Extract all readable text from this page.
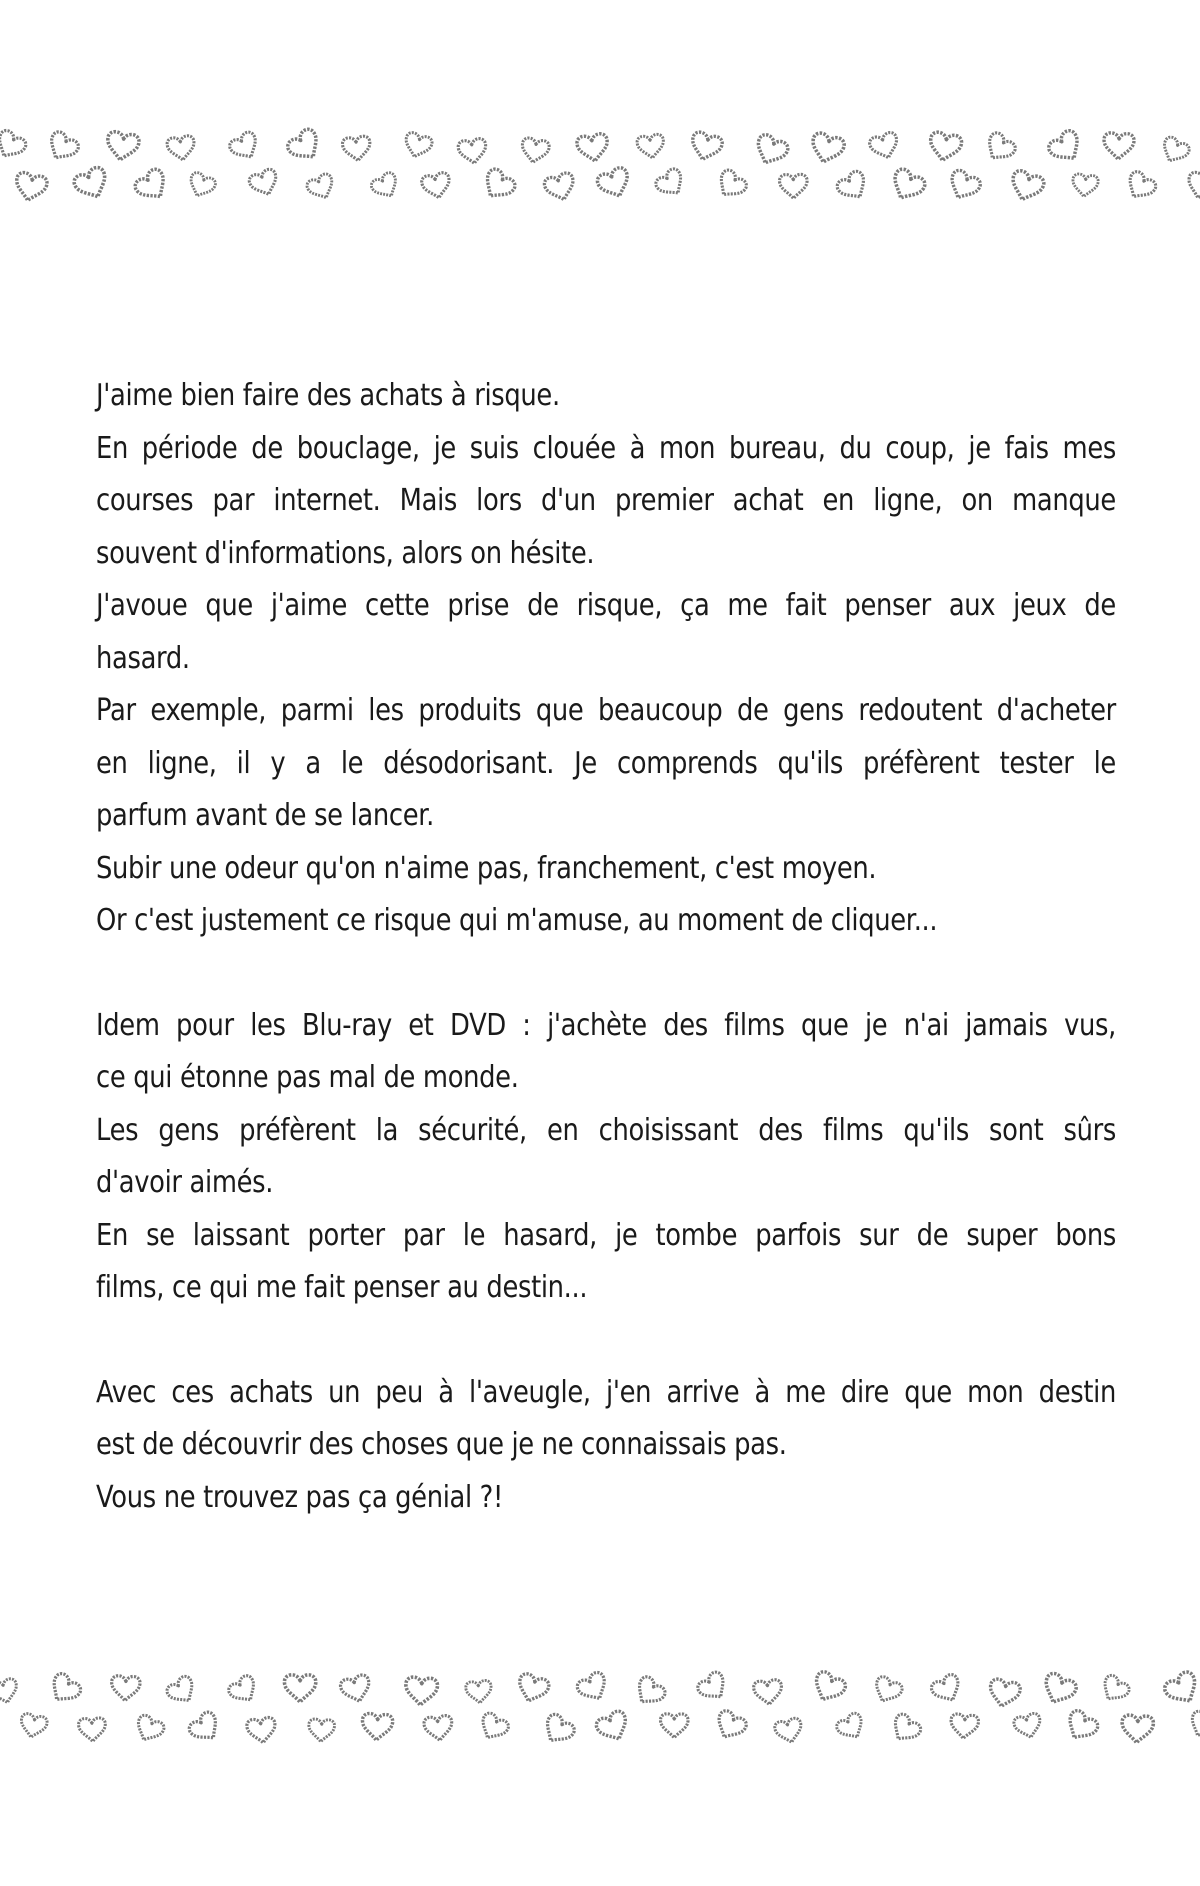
J'aime bien faire des achats à risque.
En période de bouclage, je suis clouée à mon bureau, du coup, je fais mes
courses par internet. Mais lors d'un premier achat en ligne, on manque
souvent d'informations, alors on hésite.
J'avoue que j'aime cette prise de risque, ça me fait penser aux jeux de
hasard.
Par exemple, parmi les produits que beaucoup de gens redoutent d'acheter
en ligne, il y a le désodorisant. Je comprends qu'ils préfèrent tester le
parfum avant de se lancer.
Subir une odeur qu'on n'aime pas, franchement, c'est moyen.
Or c'est justement ce risque qui m'amuse, au moment de cliquer...
Idem pour les Blu-ray et DVD : j'achète des films que je n'ai jamais vus,
ce qui étonne pas mal de monde.
Les gens préfèrent la sécurité, en choisissant des films qu'ils sont sûrs
d'avoir aimés.
En se laissant porter par le hasard, je tombe parfois sur de super bons
films, ce qui me fait penser au destin...
Avec ces achats un peu à l'aveugle, j'en arrive à me dire que mon destin
est de découvrir des choses que je ne connaissais pas.
Vous ne trouvez pas ça génial ?!
